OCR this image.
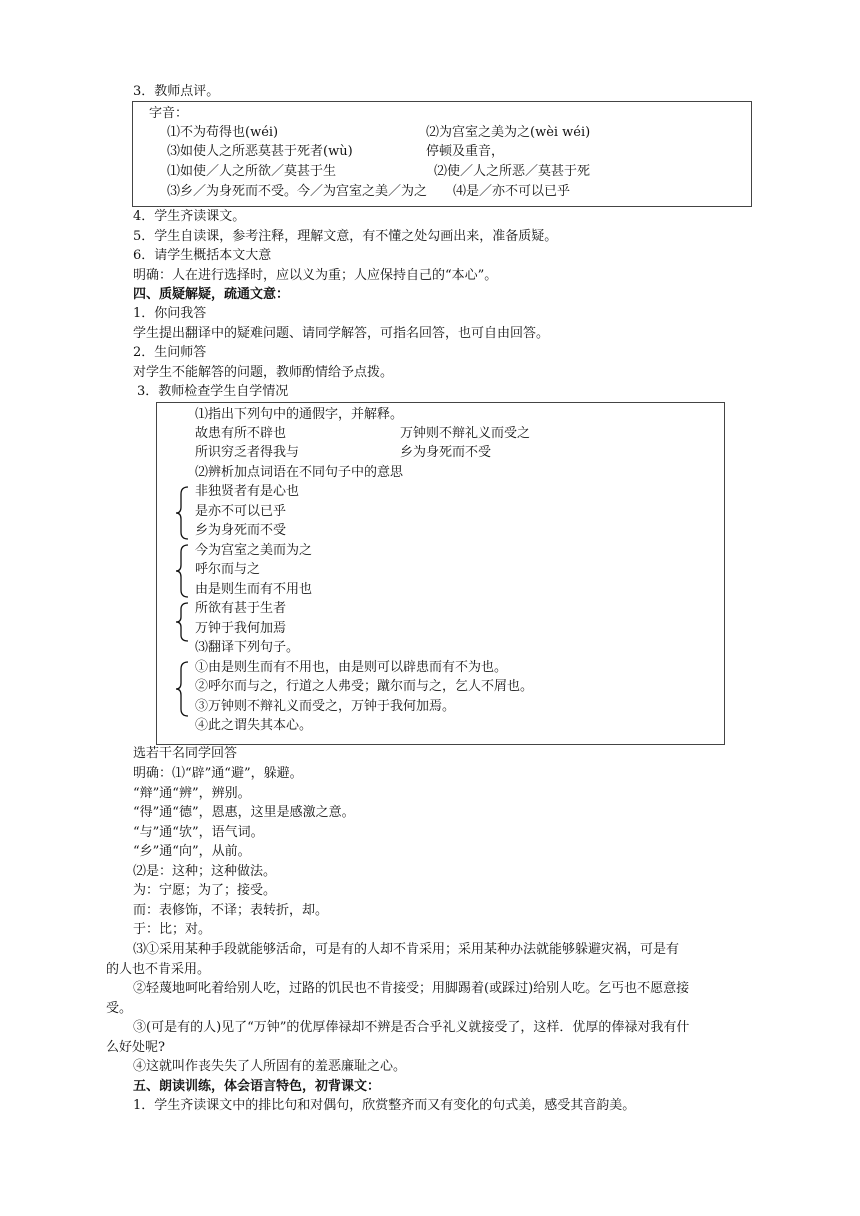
3．教师点评。
字音：
⑴不为苟得也(wéi)	⑵为宫室之美为之(wèi wéi)
⑶如使人之所恶莫甚于死者(wù)	停顿及重音，
⑴如使／人之所欲／莫甚于生	⑵使／人之所恶／莫甚于死
⑶乡／为身死而不受。今／为宫室之美／为之　　⑷是／亦不可以已乎
4．学生齐读课文。
5．学生自读课，参考注释，理解文意，有不懂之处勾画出来，准备质疑。
6．请学生概括本文大意
明确：人在进行选择时，应以义为重；人应保持自己的“本心”。
四、质疑解疑，疏通文意：
1．你问我答
学生提出翻译中的疑难问题、请同学解答，可指名回答，也可自由回答。
2．生问师答
对学生不能解答的问题，教师酌情给予点拨。
3．教师检查学生自学情况
⑴指出下列句中的通假字，并解释。
故患有所不辟也	万钟则不辩礼义而受之
所识穷乏者得我与	乡为身死而不受
⑵辨析加点词语在不同句子中的意思
非独贤者有是心也
是亦不可以已乎
乡为身死而不受
今为宫室之美而为之
呼尔而与之
由是则生而有不用也
所欲有甚于生者
万钟于我何加焉
⑶翻译下列句子。
①由是则生而有不用也，由是则可以辟患而有不为也。
②呼尔而与之，行道之人弗受；蹴尔而与之，乞人不屑也。
③万钟则不辩礼义而受之，万钟于我何加焉。
④此之谓失其本心。
选若干名同学回答
明确：⑴“辟”通“避”，躲避。
“辩”通“辨”，辨别。
“得”通“德”，恩惠，这里是感激之意。
“与”通“欤”，语气词。
“乡”通“向”，从前。
⑵是：这种；这种做法。
为：宁愿；为了；接受。
而：表修饰，不译；表转折，却。
于：比；对。
⑶①采用某种手段就能够活命，可是有的人却不肯采用；采用某种办法就能够躲避灾祸，可是有
的人也不肯采用。
②轻蔑地呵叱着给别人吃，过路的饥民也不肯接受；用脚踢着(或踩过)给别人吃。乞丐也不愿意接
受。
③(可是有的人)见了“万钟”的优厚俸禄却不辨是否合乎礼义就接受了，这样．优厚的俸禄对我有什
么好处呢?
④这就叫作丧失失了人所固有的羞恶廉耻之心。
五、朗读训练，体会语言特色，初背课文：
1．学生齐读课文中的排比句和对偶句，欣赏整齐而又有变化的句式美，感受其音韵美。
